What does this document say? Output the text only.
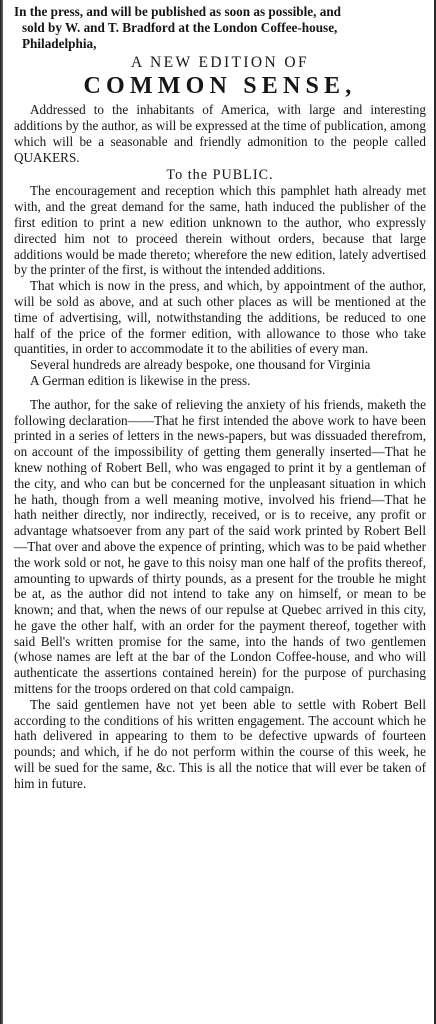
In the press, and will be published as soon as possible, and
sold by W. and T. Bradford at the London Coffee-house,
Philadelphia,

A NEW EDITION OF
COMMON SENSE,

Addressed to the inhabitants of America, with large and interesting additions by the author, as will be expressed at the time of publication, among which will be a seasonable and friendly admonition to the people called QUAKERS.

To the PUBLIC.

The encouragement and reception which this pamphlet hath already met with, and the great demand for the same, hath induced the publisher of the first edition to print a new edition unknown to the author, who expressly directed him not to proceed therein without orders, because that large additions would be made thereto; wherefore the new edition, lately advertised by the printer of the first, is without the intended additions.

That which is now in the press, and which, by appointment of the author, will be sold as above, and at such other places as will be mentioned at the time of advertising, will, notwithstanding the additions, be reduced to one half of the price of the former edition, with allowance to those who take quantities, in order to accommodate it to the abilities of every man.

Several hundreds are already bespoke, one thousand for Virginia

A German edition is likewise in the press.

The author, for the sake of relieving the anxiety of his friends, maketh the following declaration——That he first intended the above work to have been printed in a series of letters in the news-papers, but was dissuaded therefrom, on account of the impossibility of getting them generally inserted—That he knew nothing of Robert Bell, who was engaged to print it by a gentleman of the city, and who can but be concerned for the unpleasant situation in which he hath, though from a well meaning motive, involved his friend—That he hath neither directly, nor indirectly, received, or is to receive, any profit or advantage whatsoever from any part of the said work printed by Robert Bell—That over and above the expence of printing, which was to be paid whether the work sold or not, he gave to this noisy man one half of the profits thereof, amounting to upwards of thirty pounds, as a present for the trouble he might be at, as the author did not intend to take any on himself, or mean to be known; and that, when the news of our repulse at Quebec arrived in this city, he gave the other half, with an order for the payment thereof, together with said Bell's written promise for the same, into the hands of two gentlemen (whose names are left at the bar of the London Coffee-house, and who will authenticate the assertions contained herein) for the purpose of purchasing mittens for the troops ordered on that cold campaign.

The said gentlemen have not yet been able to settle with Robert Bell according to the conditions of his written engagement. The account which he hath delivered in appearing to them to be defective upwards of fourteen pounds; and which, if he do not perform within the course of this week, he will be sued for the same, &c. This is all the notice that will ever be taken of him in future.
